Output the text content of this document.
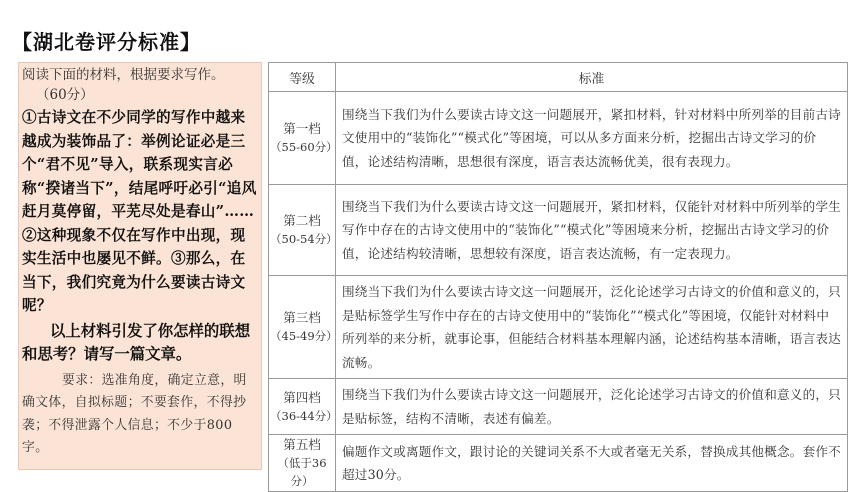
【湖北卷评分标准】
阅读下面的材料，根据要求写作。
（60分）
①古诗文在不少同学的写作中越来越成为装饰品了：举例论证必是三个“君不见”导入，联系现实言必称“揆诸当下”，结尾呼吁必引“追风赶月莫停留，平芜尽处是春山”…… ②这种现象不仅在写作中出现，现实生活中也屡见不鲜。③那么，在当下，我们究竟为什么要读古诗文呢？
以上材料引发了你怎样的联想和思考？请写一篇文章。
要求：选准角度，确定立意，明确文体，自拟标题；不要套作，不得抄袭；不得泄露个人信息；不少于800字。
等级	标准

第一档
（55-60分）	围绕当下我们为什么要读古诗文这一问题展开，紧扣材料，针对材料中所列举的目前古诗文使用中的“装饰化”“模式化”等困境，可以从多方面来分析，挖掘出古诗文学习的价值，论述结构清晰，思想很有深度，语言表达流畅优美，很有表现力。

第二档
（50-54分）	围绕当下我们为什么要读古诗文这一问题展开，紧扣材料，仅能针对材料中所列举的学生写作中存在的古诗文使用中的“装饰化”“模式化”等困境来分析，挖掘出古诗文学习的价值，论述结构较清晰，思想较有深度，语言表达流畅，有一定表现力。

第三档
（45-49分）	围绕当下我们为什么要读古诗文这一问题展开，泛化论述学习古诗文的价值和意义的，只是贴标签学生写作中存在的古诗文使用中的“装饰化”“模式化”等困境，仅能针对材料中所列举的来分析，就事论事，但能结合材料基本理解内涵，论述结构基本清晰，语言表达流畅。

第四档
（36-44分）	围绕当下我们为什么要读古诗文这一问题展开，泛化论述学习古诗文的价值和意义的，只是贴标签，结构不清晰，表述有偏差。

第五档
（低于36分）	偏题作文或离题作文，跟讨论的关键词关系不大或者毫无关系，替换成其他概念。套作不超过30分。
